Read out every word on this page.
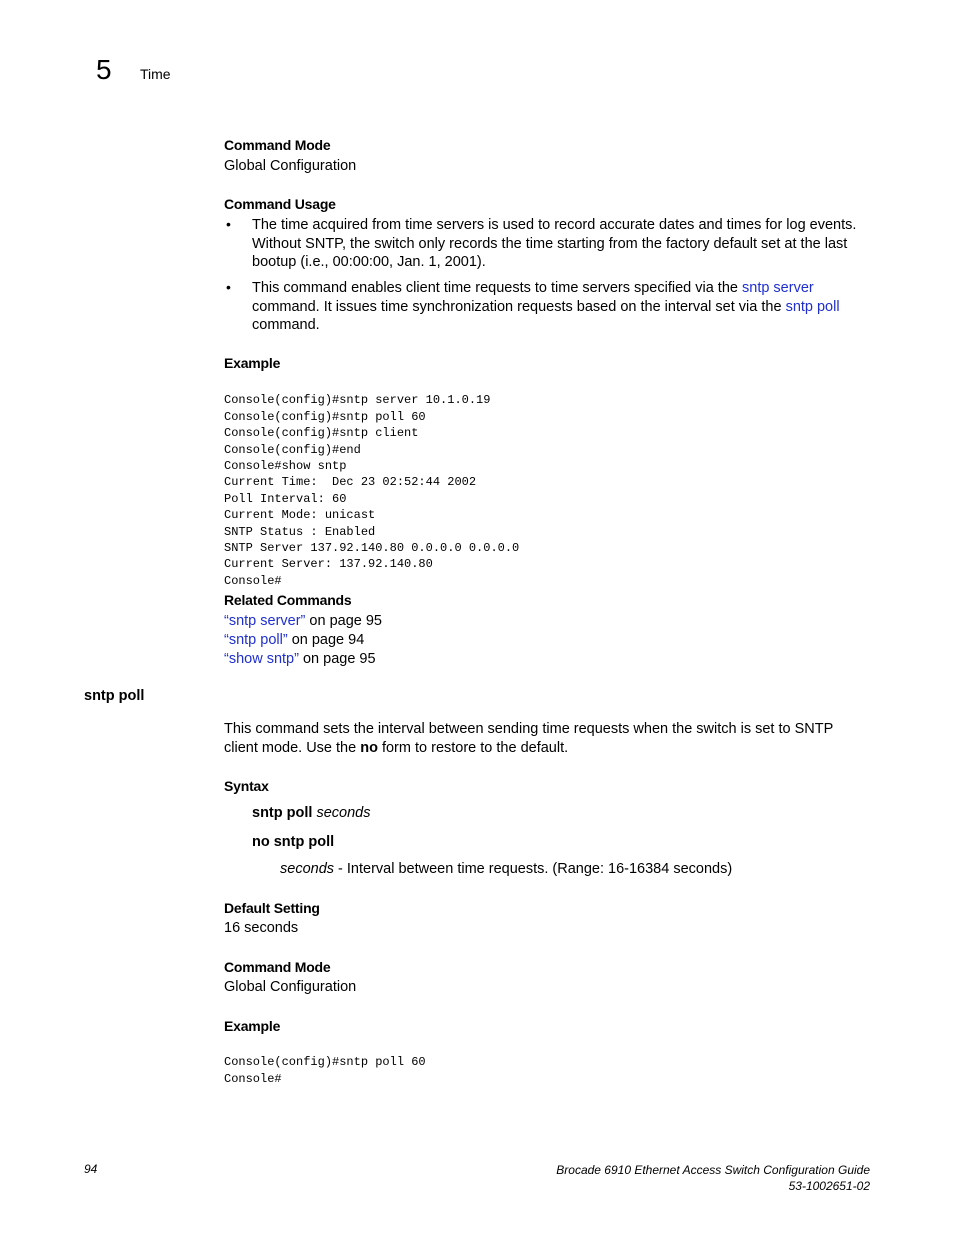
5 Time
Command Mode
Global Configuration
Command Usage
• The time acquired from time servers is used to record accurate dates and times for log events. Without SNTP, the switch only records the time starting from the factory default set at the last bootup (i.e., 00:00:00, Jan. 1, 2001).
• This command enables client time requests to time servers specified via the sntp server command. It issues time synchronization requests based on the interval set via the sntp poll command.
Example

Console(config)#sntp server 10.1.0.19
Console(config)#sntp poll 60
Console(config)#sntp client
Console(config)#end
Console#show sntp
Current Time:  Dec 23 02:52:44 2002
Poll Interval: 60
Current Mode: unicast
SNTP Status : Enabled
SNTP Server 137.92.140.80 0.0.0.0 0.0.0.0
Current Server: 137.92.140.80
Console#

Related Commands
“sntp server” on page 95
“sntp poll” on page 94
“show sntp” on page 95
sntp poll
This command sets the interval between sending time requests when the switch is set to SNTP client mode. Use the no form to restore to the default.
Syntax
sntp poll seconds
no sntp poll
seconds - Interval between time requests. (Range: 16-16384 seconds)
Default Setting
16 seconds
Command Mode
Global Configuration
Example

Console(config)#sntp poll 60
Console#

94	Brocade 6910 Ethernet Access Switch Configuration Guide
53-1002651-02
